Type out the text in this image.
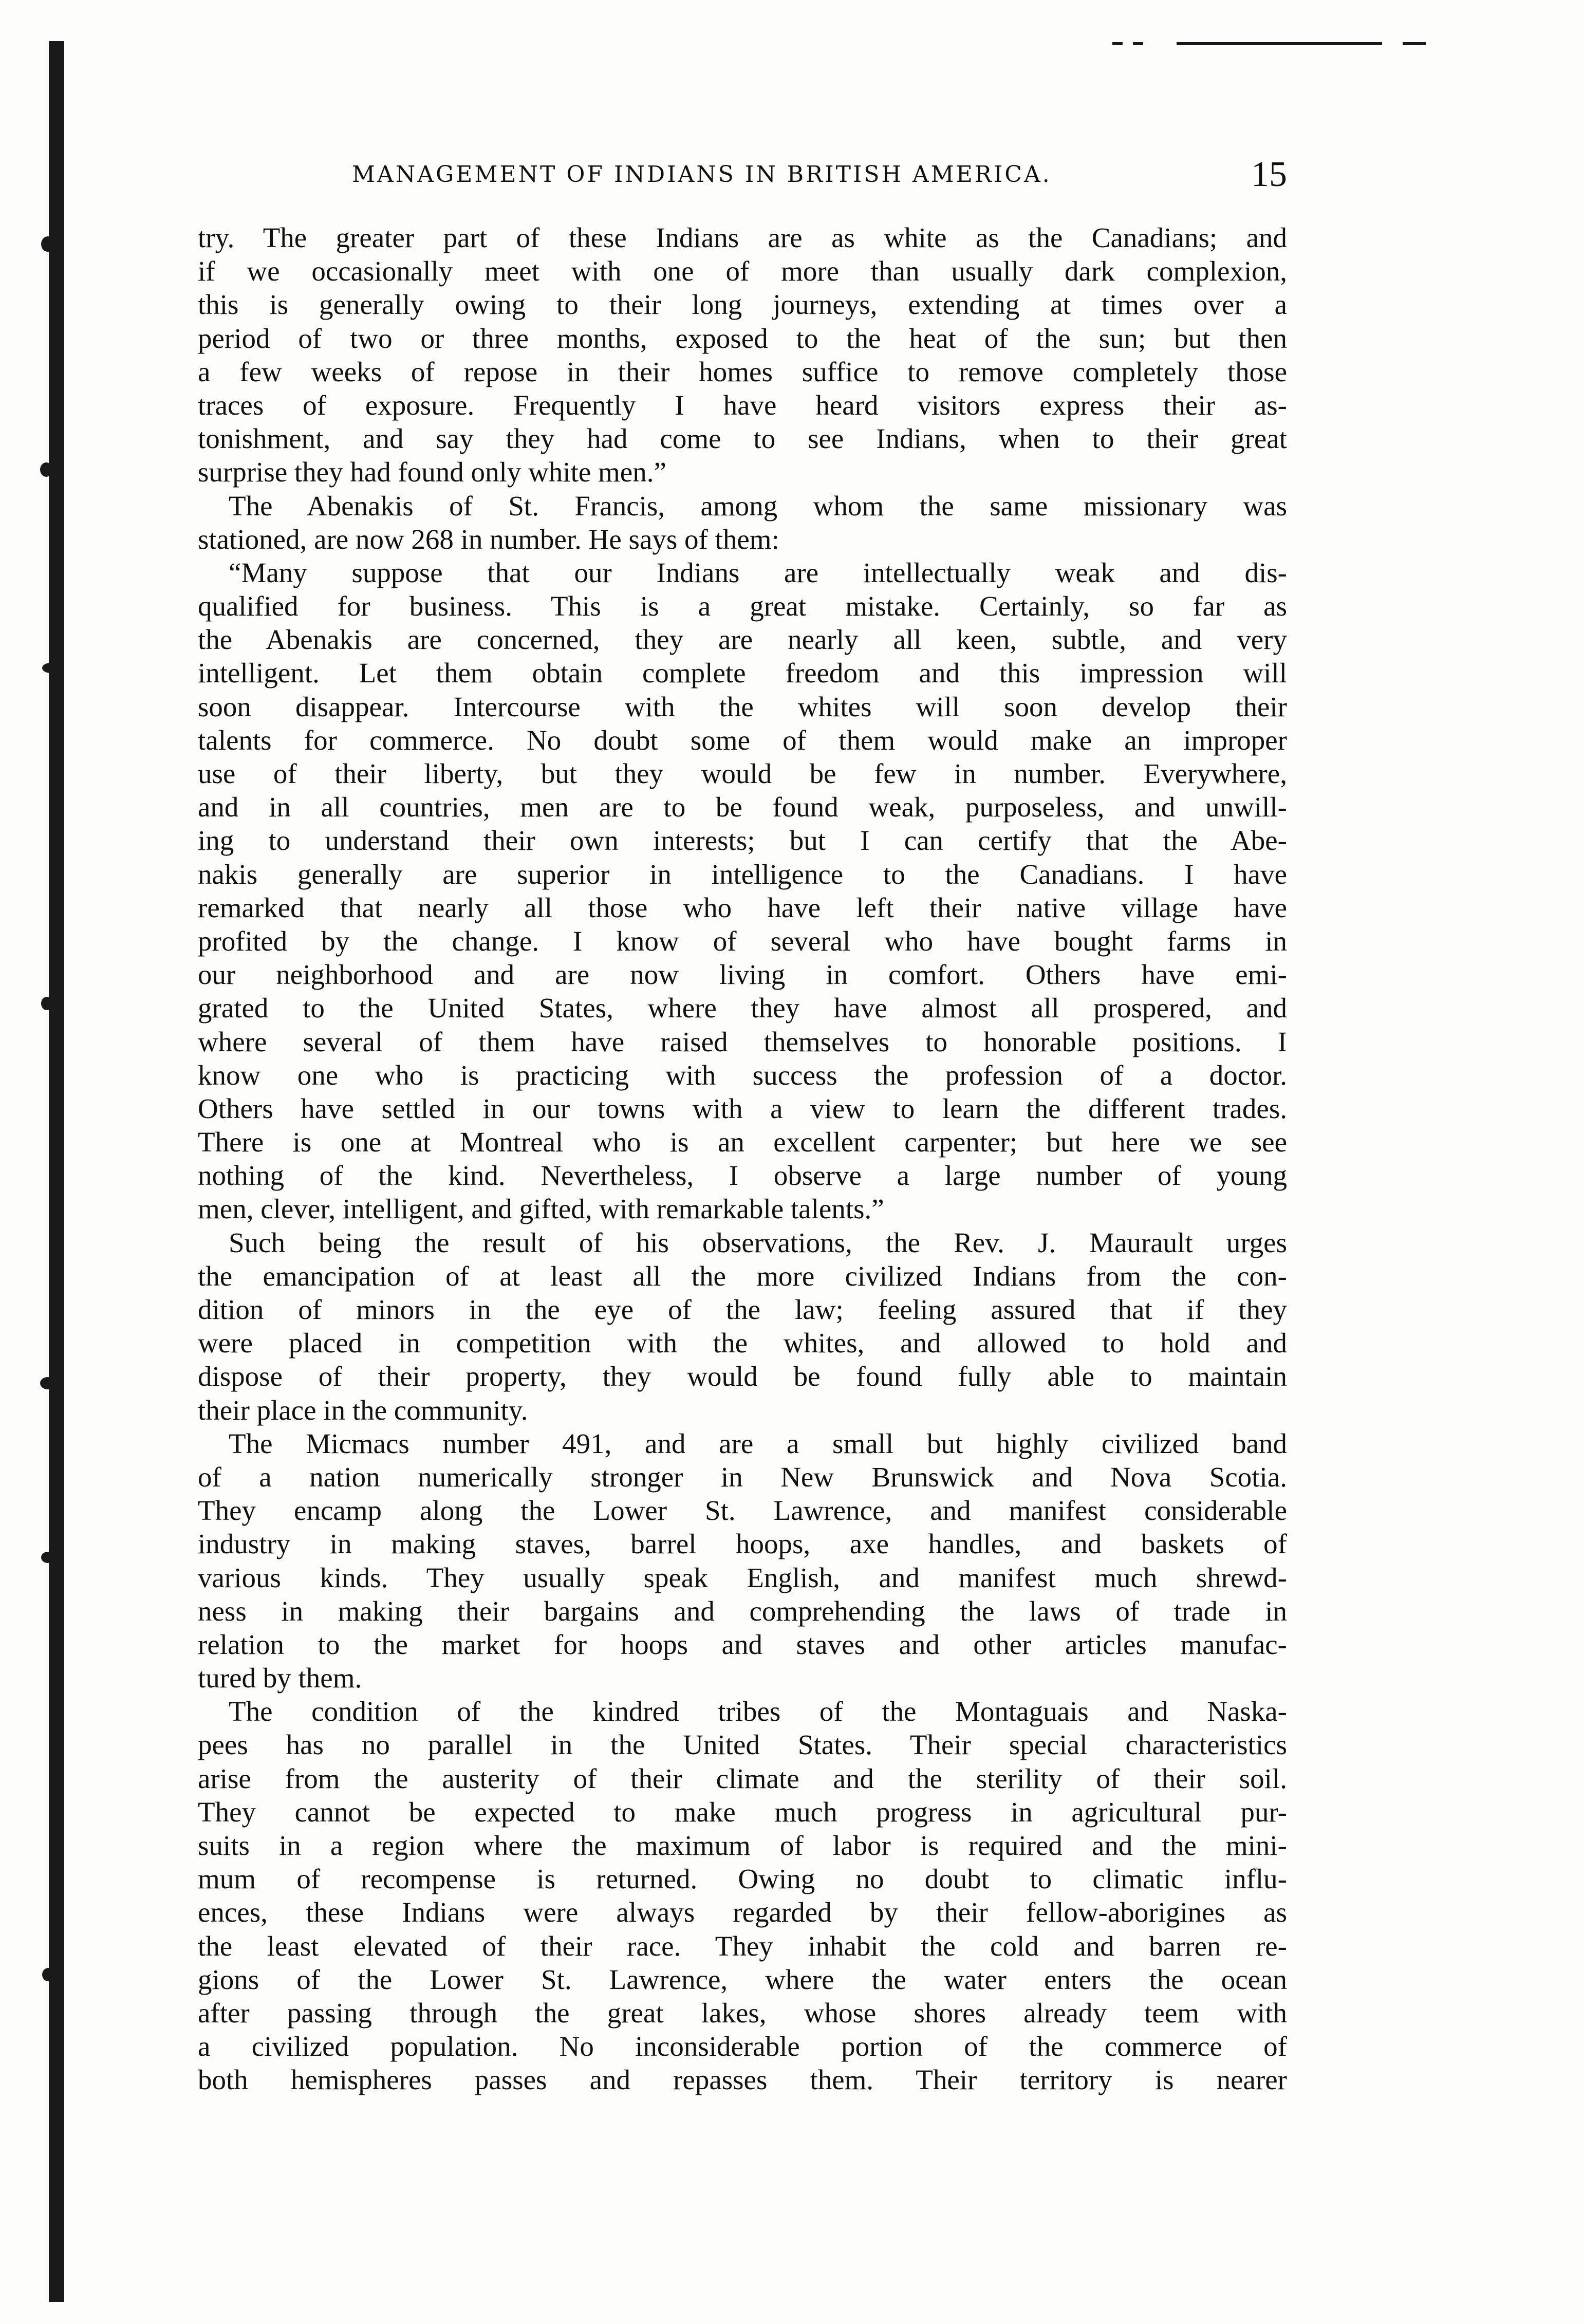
MANAGEMENT OF INDIANS IN BRITISH AMERICA.	15
try. The greater part of these Indians are as white as the Canadians; and
if we occasionally meet with one of more than usually dark complexion,
this is generally owing to their long journeys, extending at times over a
period of two or three months, exposed to the heat of the sun; but then
a few weeks of repose in their homes suffice to remove completely those
traces of exposure. Frequently I have heard visitors express their as-
tonishment, and say they had come to see Indians, when to their great
surprise they had found only white men.”
The Abenakis of St. Francis, among whom the same missionary was
stationed, are now 268 in number. He says of them:
“Many suppose that our Indians are intellectually weak and dis-
qualified for business. This is a great mistake. Certainly, so far as
the Abenakis are concerned, they are nearly all keen, subtle, and very
intelligent. Let them obtain complete freedom and this impression will
soon disappear. Intercourse with the whites will soon develop their
talents for commerce. No doubt some of them would make an improper
use of their liberty, but they would be few in number. Everywhere,
and in all countries, men are to be found weak, purposeless, and unwill-
ing to understand their own interests; but I can certify that the Abe-
nakis generally are superior in intelligence to the Canadians. I have
remarked that nearly all those who have left their native village have
profited by the change. I know of several who have bought farms in
our neighborhood and are now living in comfort. Others have emi-
grated to the United States, where they have almost all prospered, and
where several of them have raised themselves to honorable positions. I
know one who is practicing with success the profession of a doctor.
Others have settled in our towns with a view to learn the different trades.
There is one at Montreal who is an excellent carpenter; but here we see
nothing of the kind. Nevertheless, I observe a large number of young
men, clever, intelligent, and gifted, with remarkable talents.”
Such being the result of his observations, the Rev. J. Maurault urges
the emancipation of at least all the more civilized Indians from the con-
dition of minors in the eye of the law; feeling assured that if they
were placed in competition with the whites, and allowed to hold and
dispose of their property, they would be found fully able to maintain
their place in the community.
The Micmacs number 491, and are a small but highly civilized band
of a nation numerically stronger in New Brunswick and Nova Scotia.
They encamp along the Lower St. Lawrence, and manifest considerable
industry in making staves, barrel hoops, axe handles, and baskets of
various kinds. They usually speak English, and manifest much shrewd-
ness in making their bargains and comprehending the laws of trade in
relation to the market for hoops and staves and other articles manufac-
tured by them.
The condition of the kindred tribes of the Montaguais and Naska-
pees has no parallel in the United States. Their special characteristics
arise from the austerity of their climate and the sterility of their soil.
They cannot be expected to make much progress in agricultural pur-
suits in a region where the maximum of labor is required and the mini-
mum of recompense is returned. Owing no doubt to climatic influ-
ences, these Indians were always regarded by their fellow-aborigines as
the least elevated of their race. They inhabit the cold and barren re-
gions of the Lower St. Lawrence, where the water enters the ocean
after passing through the great lakes, whose shores already teem with
a civilized population. No inconsiderable portion of the commerce of
both hemispheres passes and repasses them. Their territory is nearer
